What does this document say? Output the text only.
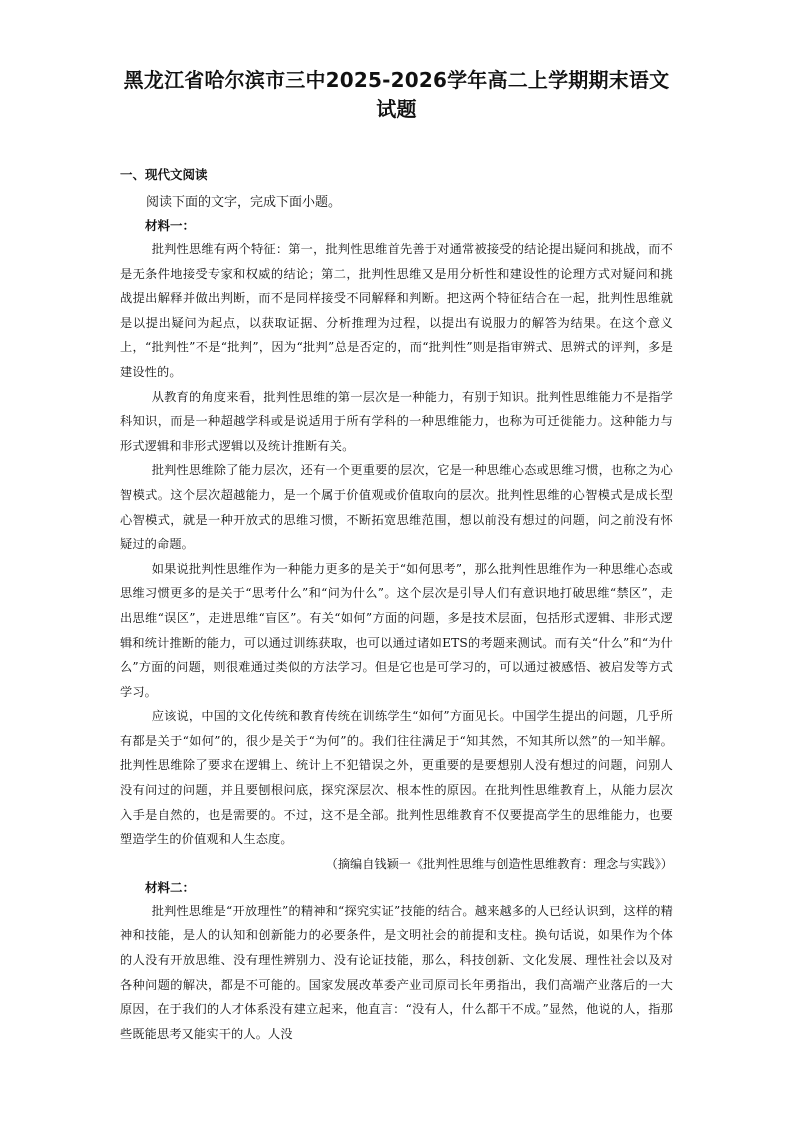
黑龙江省哈尔滨市三中2025-2026学年高二上学期期末语文试题
一、现代文阅读
阅读下面的文字，完成下面小题。
材料一：

批判性思维有两个特征：第一，批判性思维首先善于对通常被接受的结论提出疑问和挑战，而不是无条件地接受专家和权威的结论；第二，批判性思维又是用分析性和建设性的论理方式对疑问和挑战提出解释并做出判断，而不是同样接受不同解释和判断。把这两个特征结合在一起，批判性思维就是以提出疑问为起点，以获取证据、分析推理为过程，以提出有说服力的解答为结果。在这个意义上，“批判性”不是“批判”，因为“批判”总是否定的，而“批判性”则是指审辨式、思辨式的评判，多是建设性的。

从教育的角度来看，批判性思维的第一层次是一种能力，有别于知识。批判性思维能力不是指学科知识，而是一种超越学科或是说适用于所有学科的一种思维能力，也称为可迁徙能力。这种能力与形式逻辑和非形式逻辑以及统计推断有关。

批判性思维除了能力层次，还有一个更重要的层次，它是一种思维心态或思维习惯，也称之为心智模式。这个层次超越能力，是一个属于价值观或价值取向的层次。批判性思维的心智模式是成长型心智模式，就是一种开放式的思维习惯，不断拓宽思维范围，想以前没有想过的问题，问之前没有怀疑过的命题。

如果说批判性思维作为一种能力更多的是关于“如何思考”，那么批判性思维作为一种思维心态或思维习惯更多的是关于“思考什么”和“问为什么”。这个层次是引导人们有意识地打破思维“禁区”，走出思维“误区”，走进思维“盲区”。有关“如何”方面的问题，多是技术层面，包括形式逻辑、非形式逻辑和统计推断的能力，可以通过训练获取，也可以通过诸如ETS的考题来测试。而有关“什么”和“为什么”方面的问题，则很难通过类似的方法学习。但是它也是可学习的，可以通过被感悟、被启发等方式学习。

应该说，中国的文化传统和教育传统在训练学生“如何”方面见长。中国学生提出的问题，几乎所有都是关于“如何”的，很少是关于“为何”的。我们往往满足于“知其然，不知其所以然”的一知半解。批判性思维除了要求在逻辑上、统计上不犯错误之外，更重要的是要想别人没有想过的问题，问别人没有问过的问题，并且要刨根问底，探究深层次、根本性的原因。在批判性思维教育上，从能力层次入手是自然的，也是需要的。不过，这不是全部。批判性思维教育不仅要提高学生的思维能力，也要塑造学生的价值观和人生态度。

（摘编自钱颖一《批判性思维与创造性思维教育：理念与实践》）
材料二：

批判性思维是“开放理性”的精神和“探究实证”技能的结合。越来越多的人已经认识到，这样的精神和技能，是人的认知和创新能力的必要条件，是文明社会的前提和支柱。换句话说，如果作为个体的人没有开放思维、没有理性辨别力、没有论证技能，那么，科技创新、文化发展、理性社会以及对各种问题的解决，都是不可能的。国家发展改革委产业司原司长年勇指出，我们高端产业落后的一大原因，在于我们的人才体系没有建立起来，他直言：“没有人，什么都干不成。”显然，他说的人，指那些既能思考又能实干的人。人没
